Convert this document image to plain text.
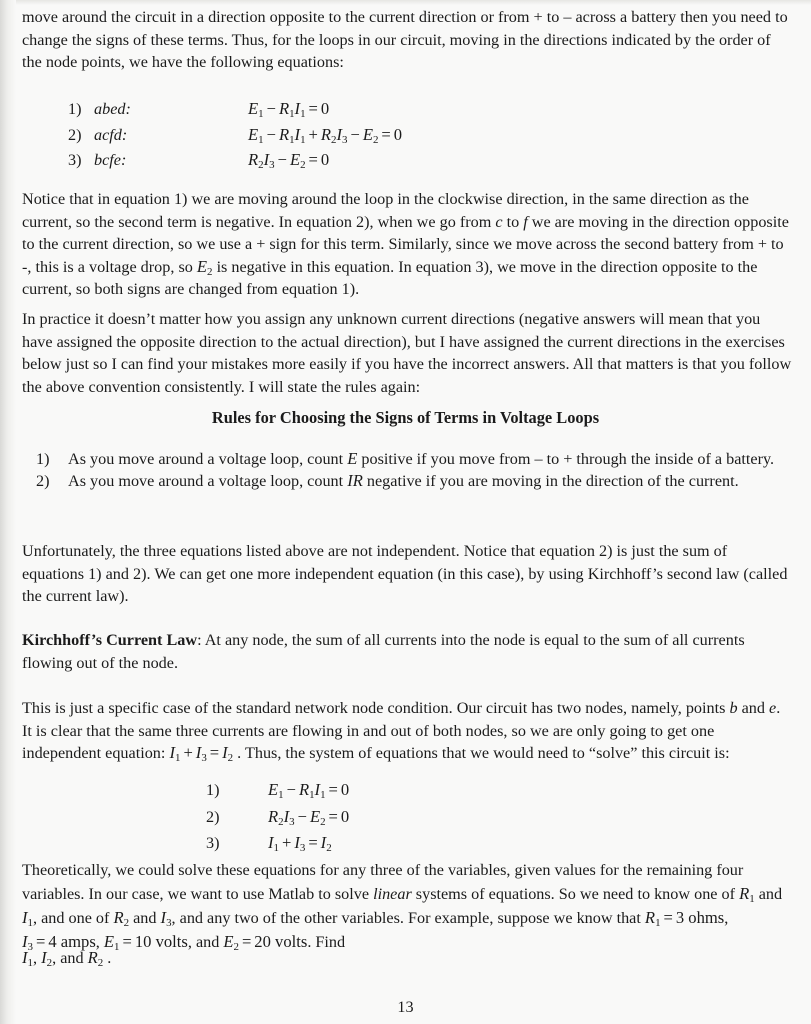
move around the circuit in a direction opposite to the current direction or from + to – across a battery then you need to change the signs of these terms. Thus, for the loops in our circuit, moving in the directions indicated by the order of the node points, we have the following equations:

1) abed:	$E_1 - R_1I_1 = 0$
2) acfd:	$E_1 - R_1I_1 + R_2I_3 - E_2 = 0$
3) bcfe:	$R_2I_3 - E_2 = 0$

Notice that in equation 1) we are moving around the loop in the clockwise direction, in the same direction as the current, so the second term is negative. In equation 2), when we go from c to f we are moving in the direction opposite to the current direction, so we use a + sign for this term. Similarly, since we move across the second battery from + to -, this is a voltage drop, so $E_2$ is negative in this equation. In equation 3), we move in the direction opposite to the current, so both signs are changed from equation 1).

In practice it doesn’t matter how you assign any unknown current directions (negative answers will mean that you have assigned the opposite direction to the actual direction), but I have assigned the current directions in the exercises below just so I can find your mistakes more easily if you have the incorrect answers. All that matters is that you follow the above convention consistently. I will state the rules again:

Rules for Choosing the Signs of Terms in Voltage Loops
1)	As you move around a voltage loop, count E positive if you move from – to + through the inside of a battery.
2)	As you move around a voltage loop, count IR negative if you are moving in the direction of the current.

Unfortunately, the three equations listed above are not independent. Notice that equation 2) is just the sum of equations 1) and 2). We can get one more independent equation (in this case), by using Kirchhoff’s second law (called the current law).

Kirchhoff’s Current Law: At any node, the sum of all currents into the node is equal to the sum of all currents flowing out of the node.

This is just a specific case of the standard network node condition. Our circuit has two nodes, namely, points b and e. It is clear that the same three currents are flowing in and out of both nodes, so we are only going to get one independent equation: $I_1 + I_3 = I_2$ . Thus, the system of equations that we would need to “solve” this circuit is:

1)	$E_1 - R_1I_1 = 0$
2)	$R_2I_3 - E_2 = 0$
3)	$I_1 + I_3 = I_2$

Theoretically, we could solve these equations for any three of the variables, given values for the remaining four variables. In our case, we want to use Matlab to solve linear systems of equations. So we need to know one of $R_1$ and $I_1$, and one of $R_2$ and $I_3$, and any two of the other variables. For example, suppose we know that $R_1 = 3$ ohms, $I_3 = 4$ amps, $E_1 = 10$ volts, and $E_2 = 20$ volts. Find

$I_1$, $I_2$, and $R_2$ .

13
